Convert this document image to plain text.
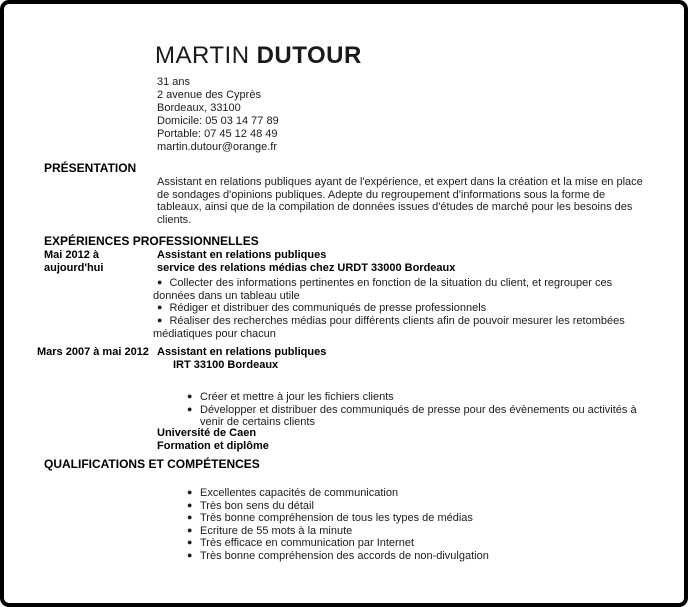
MARTIN DUTOUR
31 ans
2 avenue des Cyprès
Bordeaux, 33100
Domicile: 05 03 14 77 89
Portable: 07 45 12 48 49
martin.dutour@orange.fr
PRÉSENTATION

Assistant en relations publiques ayant de l'expérience, et expert dans la création et la mise en place de sondages d'opinions publiques. Adepte du regroupement d'informations sous la forme de tableaux, ainsi que de la compilation de données issues d'études de marché pour les besoins des clients.

EXPÉRIENCES PROFESSIONNELLES
Mai 2012 à aujourd'hui
Assistant en relations publiques
service des relations médias chez URDT 33000 Bordeaux
● Collecter des informations pertinentes en fonction de la situation du client, et regrouper ces données dans un tableau utile
● Rédiger et distribuer des communiqués de presse professionnels
● Réaliser des recherches médias pour différents clients afin de pouvoir mesurer les retombées médiatiques pour chacun
Mars 2007 à mai 2012 Assistant en relations publiques
IRT 33100 Bordeaux
●
Créer et mettre à jour les fichiers clients
●
Développer et distribuer des communiqués de presse pour des évènements ou activités à venir de certains clients
Université de Caen
Formation et diplôme
QUALIFICATIONS ET COMPÉTENCES
●
Excellentes capacités de communication
●
Très bon sens du détail
●
Très bonne compréhension de tous les types de médias
●
Ecriture de 55 mots à la minute
●
Très efficace en communication par Internet
●
Très bonne compréhension des accords de non-divulgation
